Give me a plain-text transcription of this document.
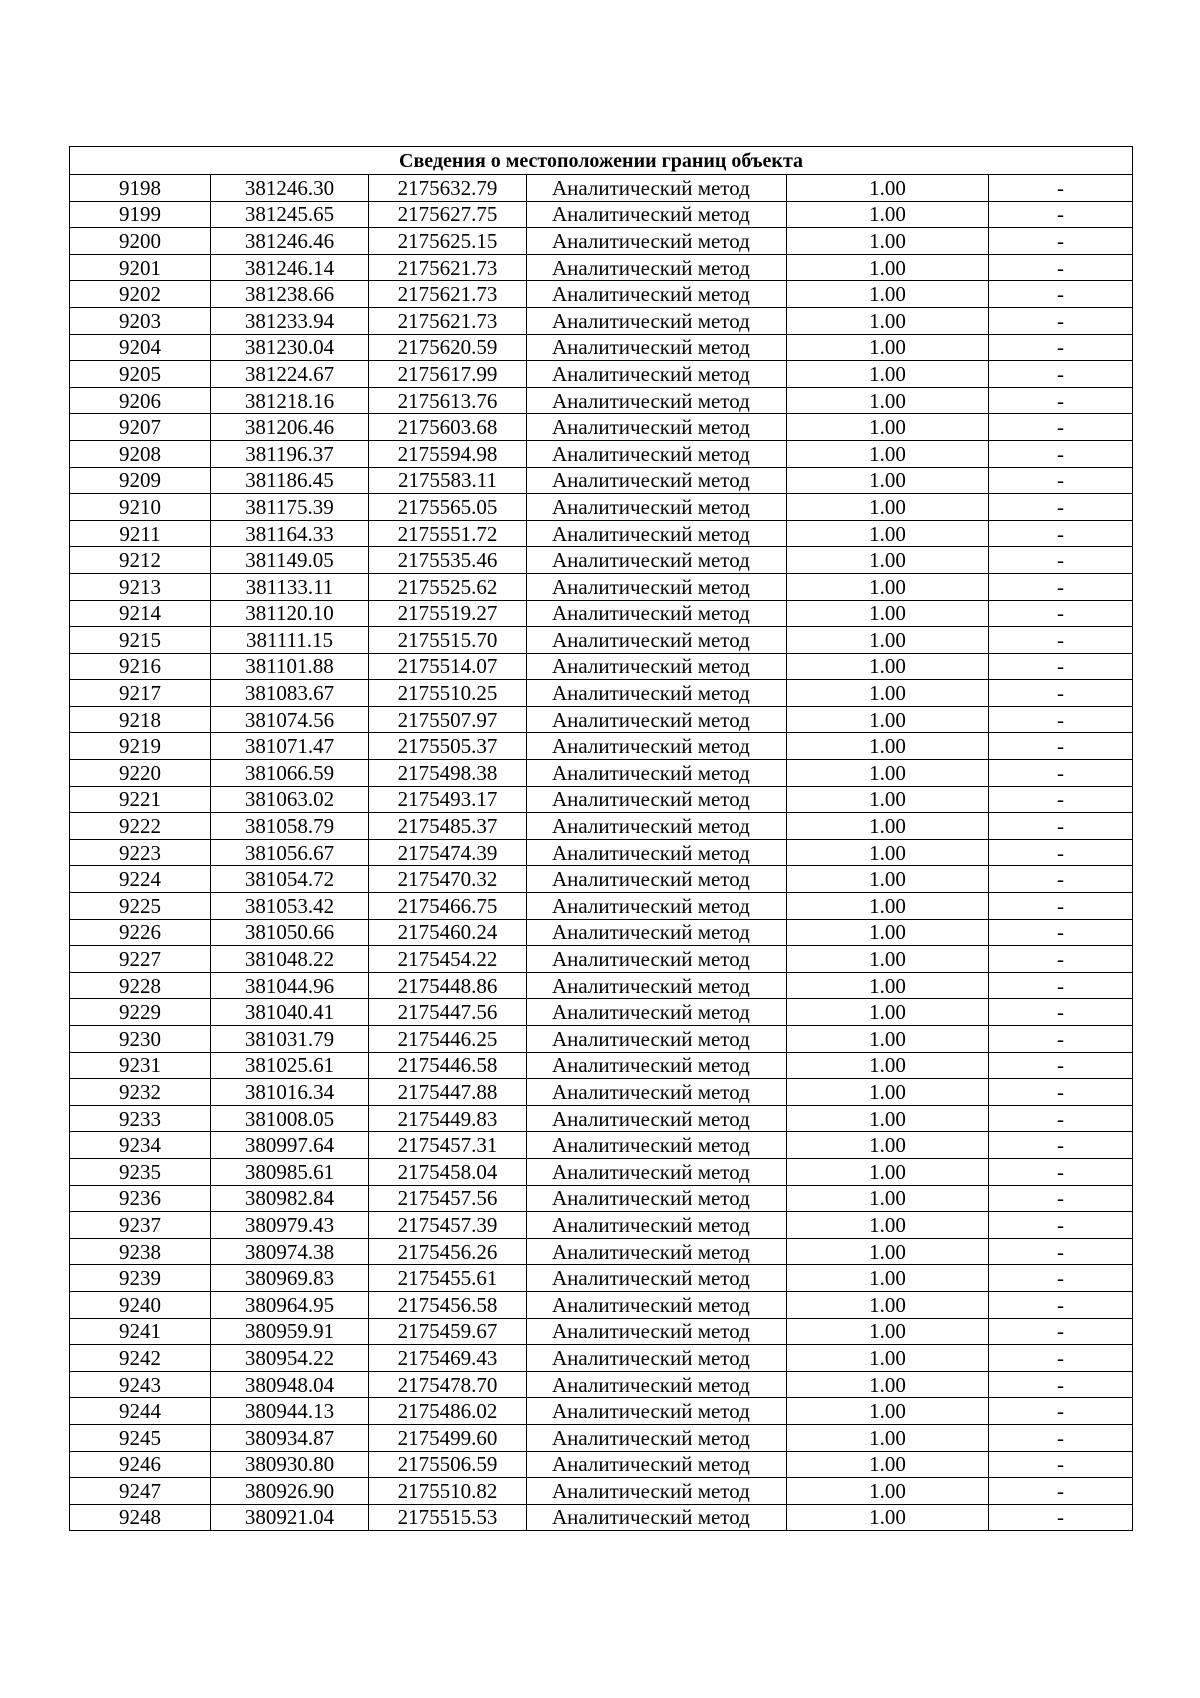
Сведения о местоположении границ объекта					
9198	381246.30	2175632.79	Аналитический метод	1.00	-
9199	381245.65	2175627.75	Аналитический метод	1.00	-
9200	381246.46	2175625.15	Аналитический метод	1.00	-
9201	381246.14	2175621.73	Аналитический метод	1.00	-
9202	381238.66	2175621.73	Аналитический метод	1.00	-
9203	381233.94	2175621.73	Аналитический метод	1.00	-
9204	381230.04	2175620.59	Аналитический метод	1.00	-
9205	381224.67	2175617.99	Аналитический метод	1.00	-
9206	381218.16	2175613.76	Аналитический метод	1.00	-
9207	381206.46	2175603.68	Аналитический метод	1.00	-
9208	381196.37	2175594.98	Аналитический метод	1.00	-
9209	381186.45	2175583.11	Аналитический метод	1.00	-
9210	381175.39	2175565.05	Аналитический метод	1.00	-
9211	381164.33	2175551.72	Аналитический метод	1.00	-
9212	381149.05	2175535.46	Аналитический метод	1.00	-
9213	381133.11	2175525.62	Аналитический метод	1.00	-
9214	381120.10	2175519.27	Аналитический метод	1.00	-
9215	381111.15	2175515.70	Аналитический метод	1.00	-
9216	381101.88	2175514.07	Аналитический метод	1.00	-
9217	381083.67	2175510.25	Аналитический метод	1.00	-
9218	381074.56	2175507.97	Аналитический метод	1.00	-
9219	381071.47	2175505.37	Аналитический метод	1.00	-
9220	381066.59	2175498.38	Аналитический метод	1.00	-
9221	381063.02	2175493.17	Аналитический метод	1.00	-
9222	381058.79	2175485.37	Аналитический метод	1.00	-
9223	381056.67	2175474.39	Аналитический метод	1.00	-
9224	381054.72	2175470.32	Аналитический метод	1.00	-
9225	381053.42	2175466.75	Аналитический метод	1.00	-
9226	381050.66	2175460.24	Аналитический метод	1.00	-
9227	381048.22	2175454.22	Аналитический метод	1.00	-
9228	381044.96	2175448.86	Аналитический метод	1.00	-
9229	381040.41	2175447.56	Аналитический метод	1.00	-
9230	381031.79	2175446.25	Аналитический метод	1.00	-
9231	381025.61	2175446.58	Аналитический метод	1.00	-
9232	381016.34	2175447.88	Аналитический метод	1.00	-
9233	381008.05	2175449.83	Аналитический метод	1.00	-
9234	380997.64	2175457.31	Аналитический метод	1.00	-
9235	380985.61	2175458.04	Аналитический метод	1.00	-
9236	380982.84	2175457.56	Аналитический метод	1.00	-
9237	380979.43	2175457.39	Аналитический метод	1.00	-
9238	380974.38	2175456.26	Аналитический метод	1.00	-
9239	380969.83	2175455.61	Аналитический метод	1.00	-
9240	380964.95	2175456.58	Аналитический метод	1.00	-
9241	380959.91	2175459.67	Аналитический метод	1.00	-
9242	380954.22	2175469.43	Аналитический метод	1.00	-
9243	380948.04	2175478.70	Аналитический метод	1.00	-
9244	380944.13	2175486.02	Аналитический метод	1.00	-
9245	380934.87	2175499.60	Аналитический метод	1.00	-
9246	380930.80	2175506.59	Аналитический метод	1.00	-
9247	380926.90	2175510.82	Аналитический метод	1.00	-
9248	380921.04	2175515.53	Аналитический метод	1.00	-
